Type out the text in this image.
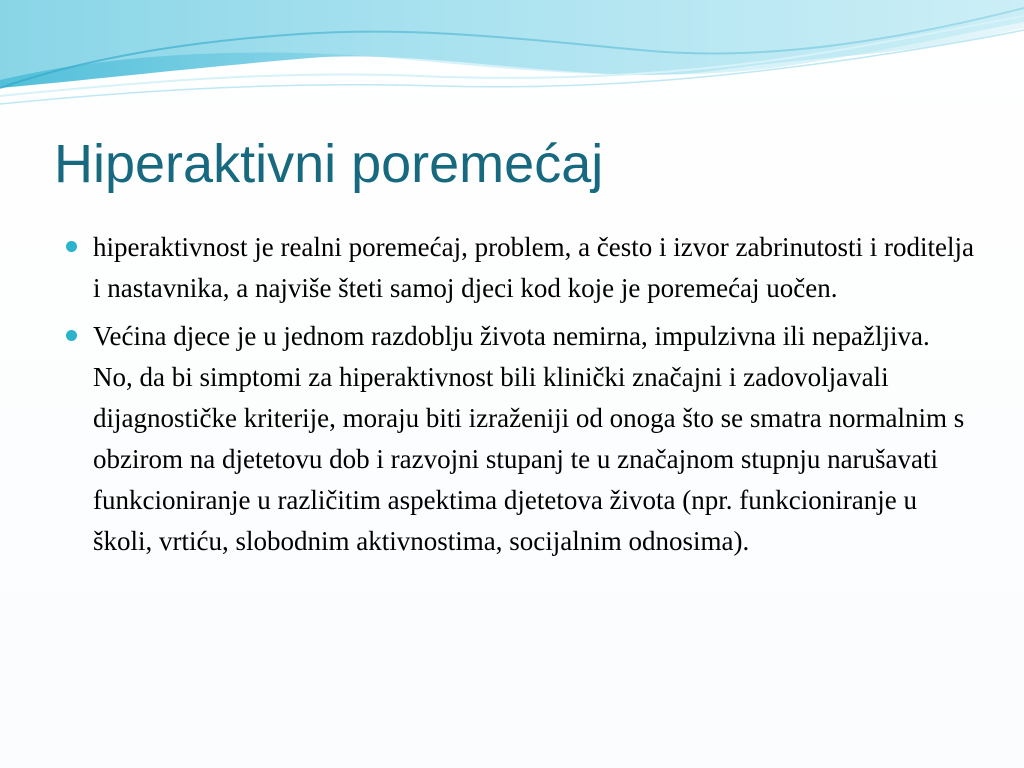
Hiperaktivni poremećaj
hiperaktivnost je realni poremećaj, problem, a često i izvor zabrinutosti i roditelja i nastavnika, a najviše šteti samoj djeci kod koje je poremećaj uočen.
Većina djece je u jednom razdoblju života nemirna, impulzivna ili nepažljiva. No, da bi simptomi za hiperaktivnost bili klinički značajni i zadovoljavali dijagnostičke kriterije, moraju biti izraženiji od onoga što se smatra normalnim s obzirom na djetetovu dob i razvojni stupanj te u značajnom stupnju narušavati funkcioniranje u različitim aspektima djetetova života (npr. funkcioniranje u školi, vrtiću, slobodnim aktivnostima, socijalnim odnosima).
